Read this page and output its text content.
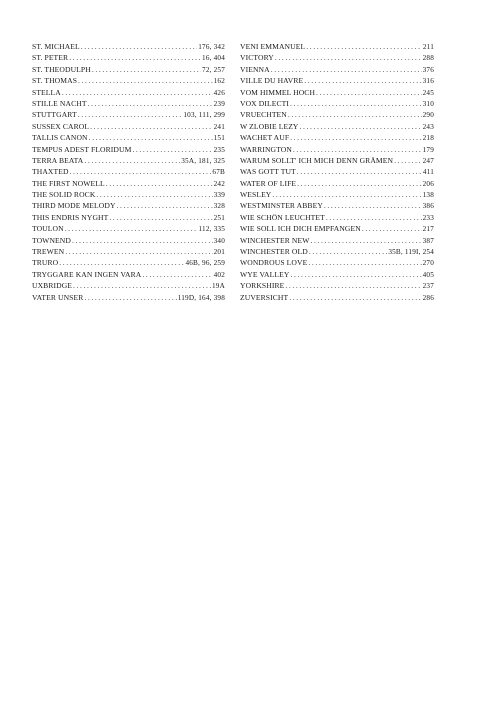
ST. MICHAEL .....	176, 342
ST. PETER .....	16, 404
ST. THEODULPH .....	72, 257
ST. THOMAS .....	162
STELLA .....	426
STILLE NACHT .....	239
STUTTGART .....	103, 111, 299
SUSSEX CAROL .....	241
TALLIS CANON .....	151
TEMPUS ADEST FLORIDUM .....	235
TERRA BEATA .....	35A, 181, 325
THAXTED .....	67B
THE FIRST NOWELL .....	242
THE SOLID ROCK .....	339
THIRD MODE MELODY .....	328
THIS ENDRIS NYGHT .....	251
TOULON .....	112, 335
TOWNEND .....	340
TREWEN .....	201
TRURO .....	46B, 96, 259
TRYGGARE KAN INGEN VARA .....	402
UXBRIDGE .....	19A
VATER UNSER .....	119D, 164, 398
VENI EMMANUEL .....	211
VICTORY .....	288
VIENNA .....	376
VILLE DU HAVRE .....	316
VOM HIMMEL HOCH .....	245
VOX DILECTI .....	310
VRUECHTEN .....	290
W ZLOBIE LEZY .....	243
WACHET AUF .....	218
WARRINGTON .....	179
WARUM SOLLT' ICH MICH DENN GRÄMEN .....	247
WAS GOTT TUT .....	411
WATER OF LIFE .....	206
WESLEY .....	138
WESTMINSTER ABBEY .....	386
WIE SCHÖN LEUCHTET .....	233
WIE SOLL ICH DICH EMPFANGEN .....	217
WINCHESTER NEW .....	387
WINCHESTER OLD .....	35B, 119I, 254
WONDROUS LOVE .....	270
WYE VALLEY .....	405
YORKSHIRE .....	237
ZUVERSICHT .....	286
